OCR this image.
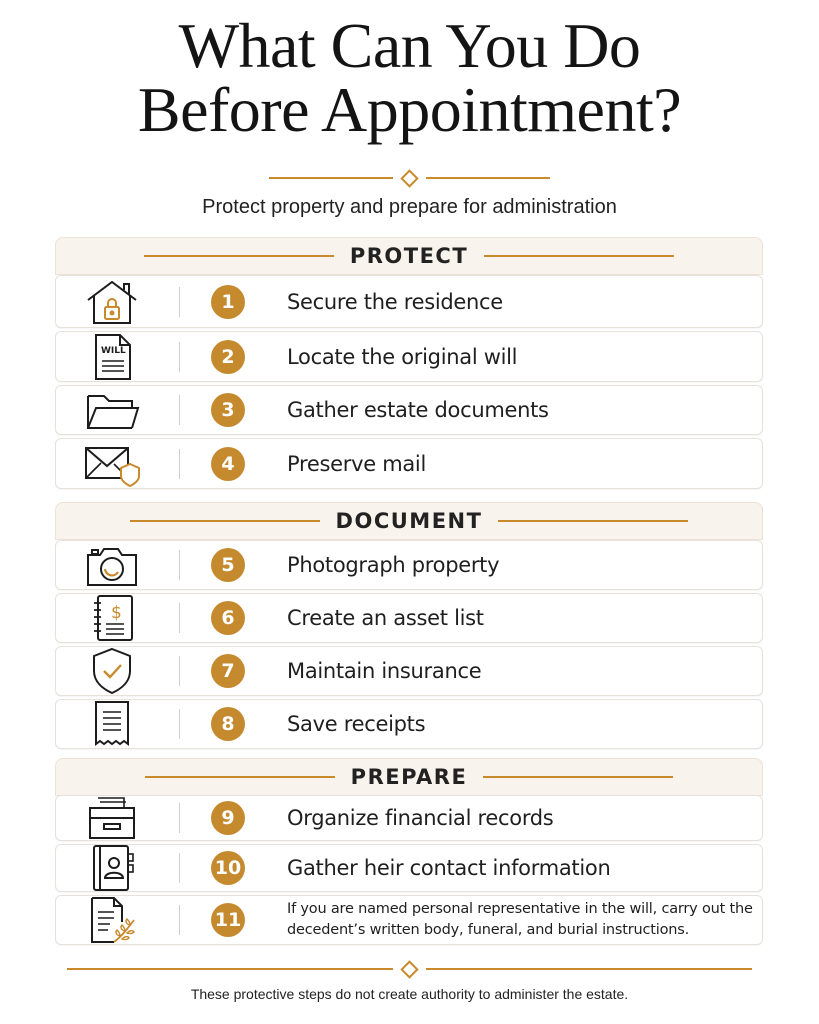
What Can You Do
Before Appointment?
Protect property and prepare for administration
PROTECT
1	Secure the residence
WILL	2	Locate the original will
3	Gather estate documents
4	Preserve mail
DOCUMENT
5	Photograph property
$	6	Create an asset list
7	Maintain insurance
8	Save receipts
PREPARE
9	Organize financial records
10 Gather heir contact information
11	If you are named personal representative in the will, carry out the decedent’s written body, funeral, and burial instructions.
These protective steps do not create authority to administer the estate.
